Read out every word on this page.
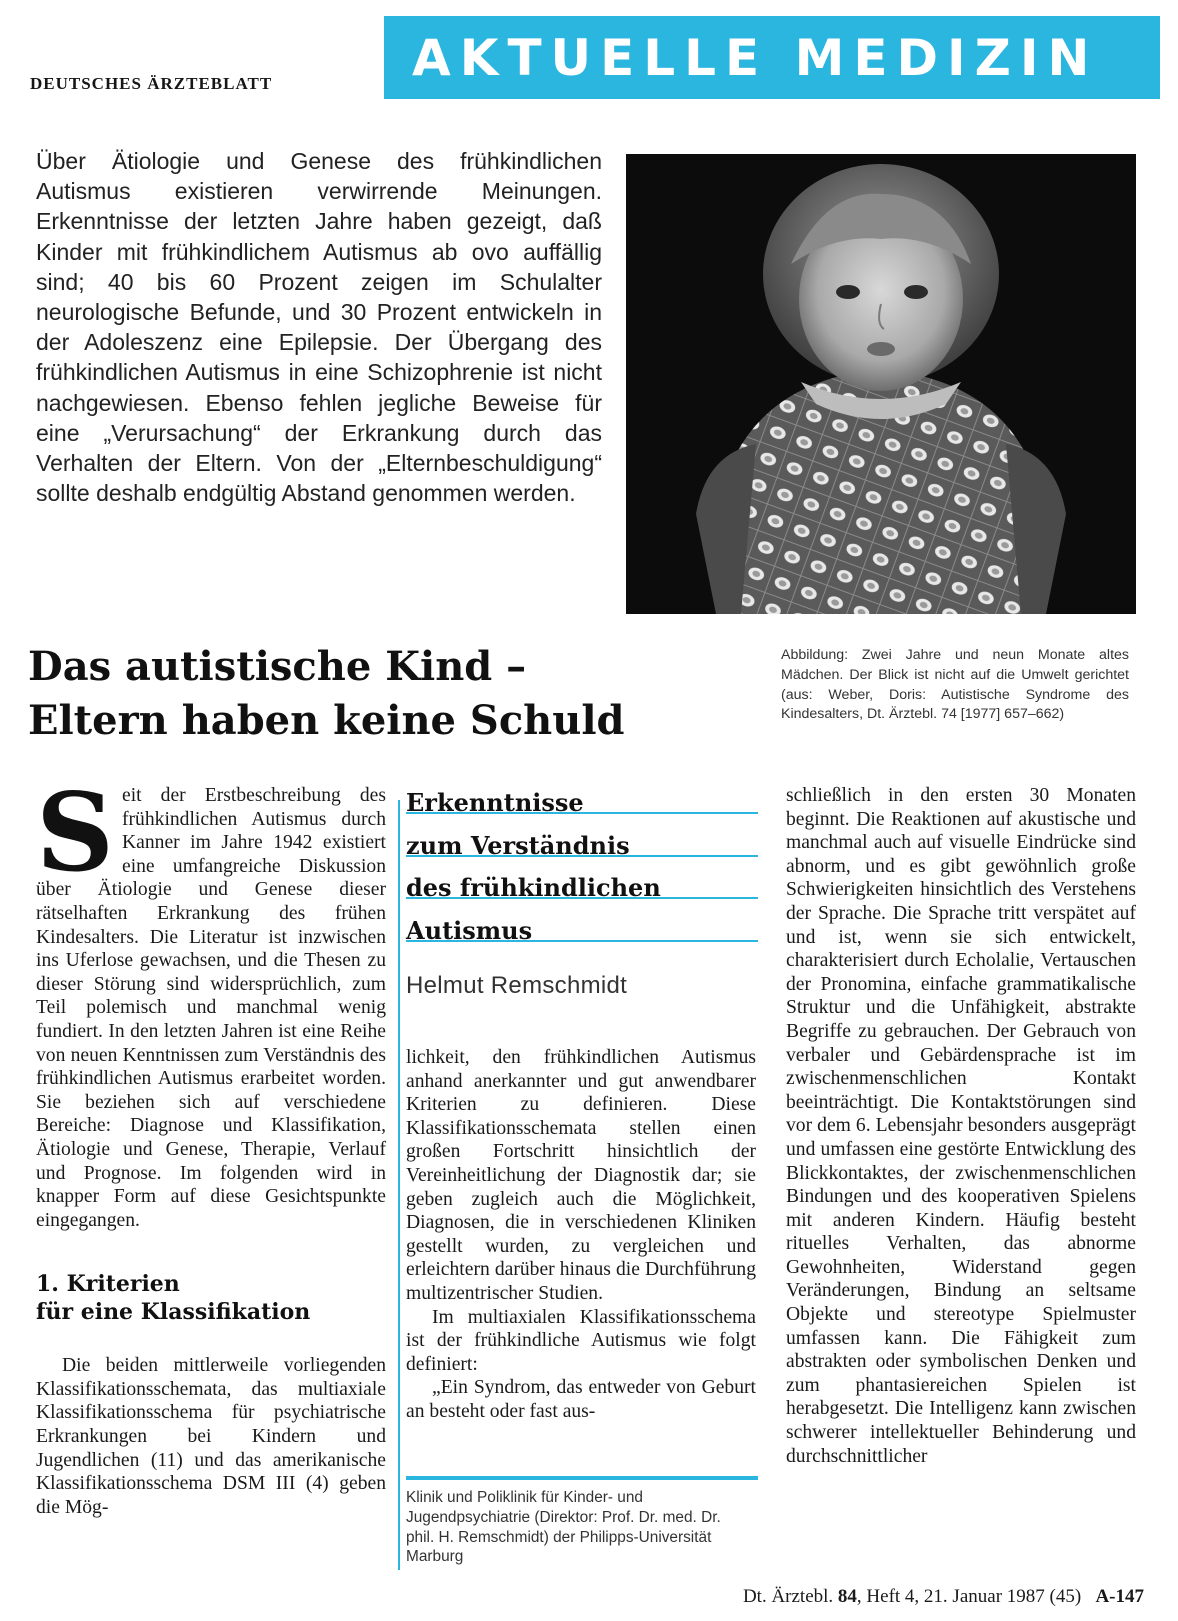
DEUTSCHES ÄRZTEBLATT	AKTUELLE MEDIZIN

Über Ätiologie und Genese des frühkindlichen Autismus existieren verwirrende Meinungen. Erkenntnisse der letzten Jahre haben gezeigt, daß Kinder mit frühkindlichem Autismus ab ovo auffällig sind; 40 bis 60 Prozent zeigen im Schulalter neurologische Befunde, und 30 Prozent entwickeln in der Adoleszenz eine Epilepsie. Der Übergang des frühkindlichen Autismus in eine Schizophrenie ist nicht nachgewiesen. Ebenso fehlen jegliche Beweise für eine „Verursachung“ der Erkrankung durch das Verhalten der Eltern. Von der „Elternbeschuldigung“ sollte deshalb endgültig Abstand genommen werden.

Abbildung: Zwei Jahre und neun Monate altes Mädchen. Der Blick ist nicht auf die Umwelt gerichtet (aus: Weber, Doris: Autistische Syndrome des Kindesalters, Dt. Ärztebl. 74 [1977] 657–662)

Das autistische Kind –
Eltern haben keine Schuld

Seit der Erstbeschreibung des frühkindlichen Autismus durch Kanner im Jahre 1942 existiert eine umfangreiche Diskussion über Ätiologie und Genese dieser rätselhaften Erkrankung des frühen Kindesalters. Die Literatur ist inzwischen ins Uferlose gewachsen, und die Thesen zu dieser Störung sind widersprüchlich, zum Teil polemisch und manchmal wenig fundiert. In den letzten Jahren ist eine Reihe von neuen Kenntnissen zum Verständnis des frühkindlichen Autismus erarbeitet worden. Sie beziehen sich auf verschiedene Bereiche: Diagnose und Klassifikation, Ätiologie und Genese, Therapie, Verlauf und Prognose. Im folgenden wird in knapper Form auf diese Gesichtspunkte eingegangen.

1. Kriterien
für eine Klassifikation

Die beiden mittlerweile vorliegenden Klassifikationsschemata, das multiaxiale Klassifikationsschema für psychiatrische Erkrankungen bei Kindern und Jugendlichen (11) und das amerikanische Klassifikationsschema DSM III (4) geben die Mög-

Erkenntnisse
zum Verständnis
des frühkindlichen
Autismus
Helmut Remschmidt

lichkeit, den frühkindlichen Autismus anhand anerkannter und gut anwendbarer Kriterien zu definieren. Diese Klassifikationsschemata stellen einen großen Fortschritt hinsichtlich der Vereinheitlichung der Diagnostik dar; sie geben zugleich auch die Möglichkeit, Diagnosen, die in verschiedenen Kliniken gestellt wurden, zu vergleichen und erleichtern darüber hinaus die Durchführung multizentrischer Studien.

Im multiaxialen Klassifikationsschema ist der frühkindliche Autismus wie folgt definiert:

„Ein Syndrom, das entweder von Geburt an besteht oder fast aus-

Klinik und Poliklinik für Kinder- und Jugendpsychiatrie (Direktor: Prof. Dr. med. Dr. phil. H. Remschmidt) der Philipps-Universität Marburg

schließlich in den ersten 30 Monaten beginnt. Die Reaktionen auf akustische und manchmal auch auf visuelle Eindrücke sind abnorm, und es gibt gewöhnlich große Schwierigkeiten hinsichtlich des Verstehens der Sprache. Die Sprache tritt verspätet auf und ist, wenn sie sich entwickelt, charakterisiert durch Echolalie, Vertauschen der Pronomina, einfache grammatikalische Struktur und die Unfähigkeit, abstrakte Begriffe zu gebrauchen. Der Gebrauch von verbaler und Gebärdensprache ist im zwischenmenschlichen Kontakt beeinträchtigt. Die Kontaktstörungen sind vor dem 6. Lebensjahr besonders ausgeprägt und umfassen eine gestörte Entwicklung des Blickkontaktes, der zwischenmenschlichen Bindungen und des kooperativen Spielens mit anderen Kindern. Häufig besteht rituelles Verhalten, das abnorme Gewohnheiten, Widerstand gegen Veränderungen, Bindung an seltsame Objekte und stereotype Spielmuster umfassen kann. Die Fähigkeit zum abstrakten oder symbolischen Denken und zum phantasiereichen Spielen ist herabgesetzt. Die Intelligenz kann zwischen schwerer intellektueller Behinderung und durchschnittlicher

Dt. Ärztebl. 84, Heft 4, 21. Januar 1987 (45) A-147
